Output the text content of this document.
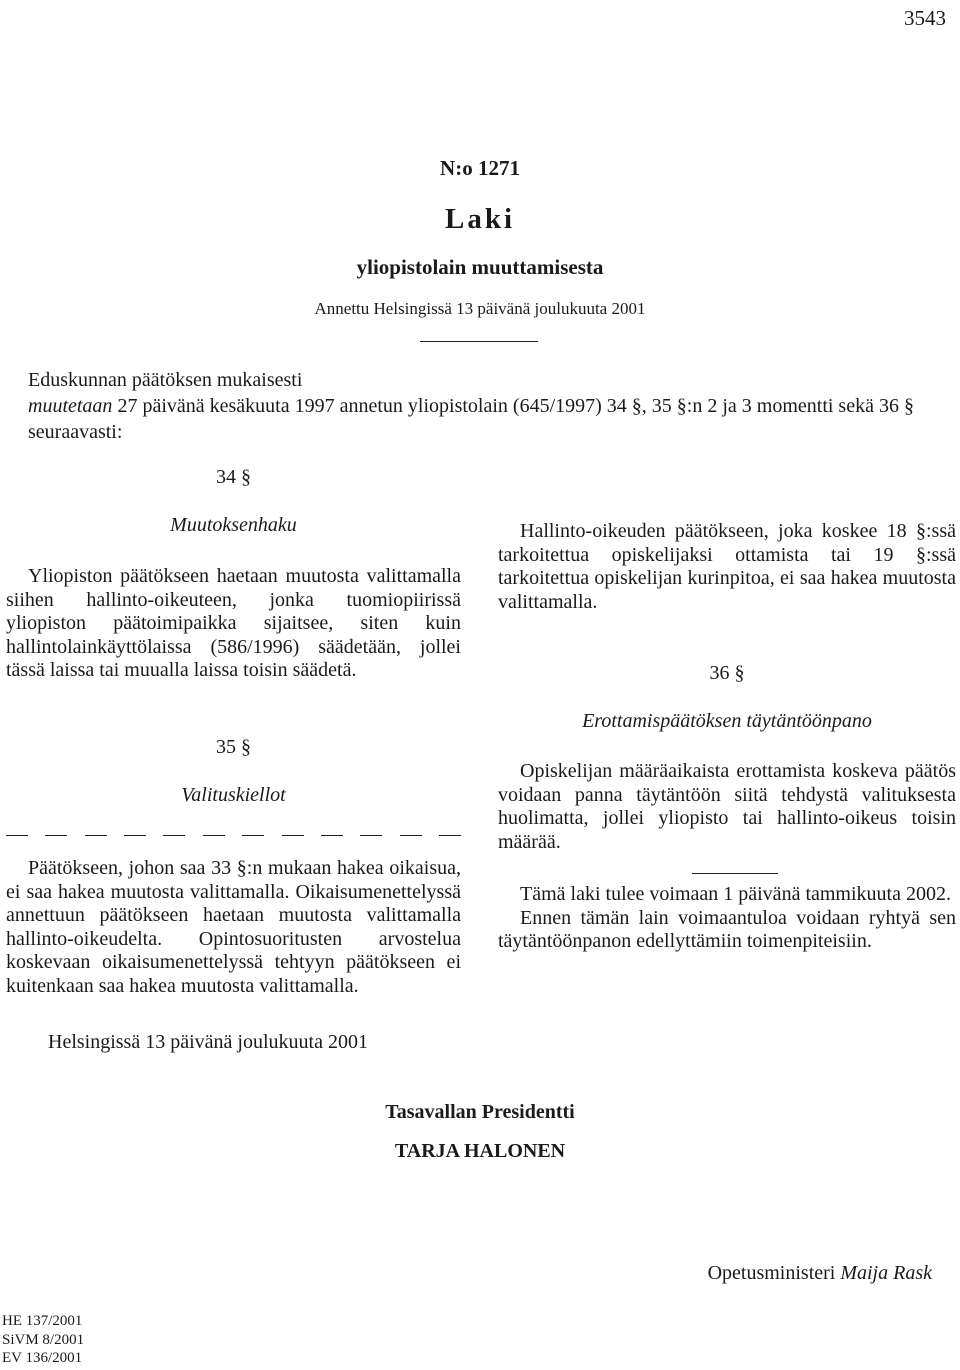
3543
N:o 1271
Laki
yliopistolain muuttamisesta
Annettu Helsingissä 13 päivänä joulukuuta 2001
Eduskunnan päätöksen mukaisesti
muutetaan 27 päivänä kesäkuuta 1997 annetun yliopistolain (645/1997) 34 §, 35 §:n 2 ja 3 momentti sekä 36 § seuraavasti:
34 §
Muutoksenhaku

Yliopiston päätökseen haetaan muutosta valittamalla siihen hallinto-oikeuteen, jonka tuomiopiirissä yliopiston päätoimipaikka sijaitsee, siten kuin hallintolainkäyttölaissa (586/1996) säädetään, jollei tässä laissa tai muualla laissa toisin säädetä.

35 §
Valituskiellot

Päätökseen, johon saa 33 §:n mukaan hakea oikaisua, ei saa hakea muutosta valittamalla. Oikaisumenettelyssä annettuun päätökseen haetaan muutosta valittamalla hallinto-oikeudelta. Opintosuoritusten arvostelua koskevaan oikaisumenettelyssä tehtyyn päätökseen ei kuitenkaan saa hakea muutosta valittamalla.

Hallinto-oikeuden päätökseen, joka koskee 18 §:ssä tarkoitettua opiskelijaksi ottamista tai 19 §:ssä tarkoitettua opiskelijan kurinpitoa, ei saa hakea muutosta valittamalla.

36 §
Erottamispäätöksen täytäntöönpano

Opiskelijan määräaikaista erottamista koskeva päätös voidaan panna täytäntöön siitä tehdystä valituksesta huolimatta, jollei yliopisto tai hallinto-oikeus toisin määrää.

Tämä laki tulee voimaan 1 päivänä tammikuuta 2002.

Ennen tämän lain voimaantuloa voidaan ryhtyä sen täytäntöönpanon edellyttämiin toimenpiteisiin.

Helsingissä 13 päivänä joulukuuta 2001
Tasavallan Presidentti
TARJA HALONEN
Opetusministeri Maija Rask
HE 137/2001
SiVM 8/2001
EV 136/2001
